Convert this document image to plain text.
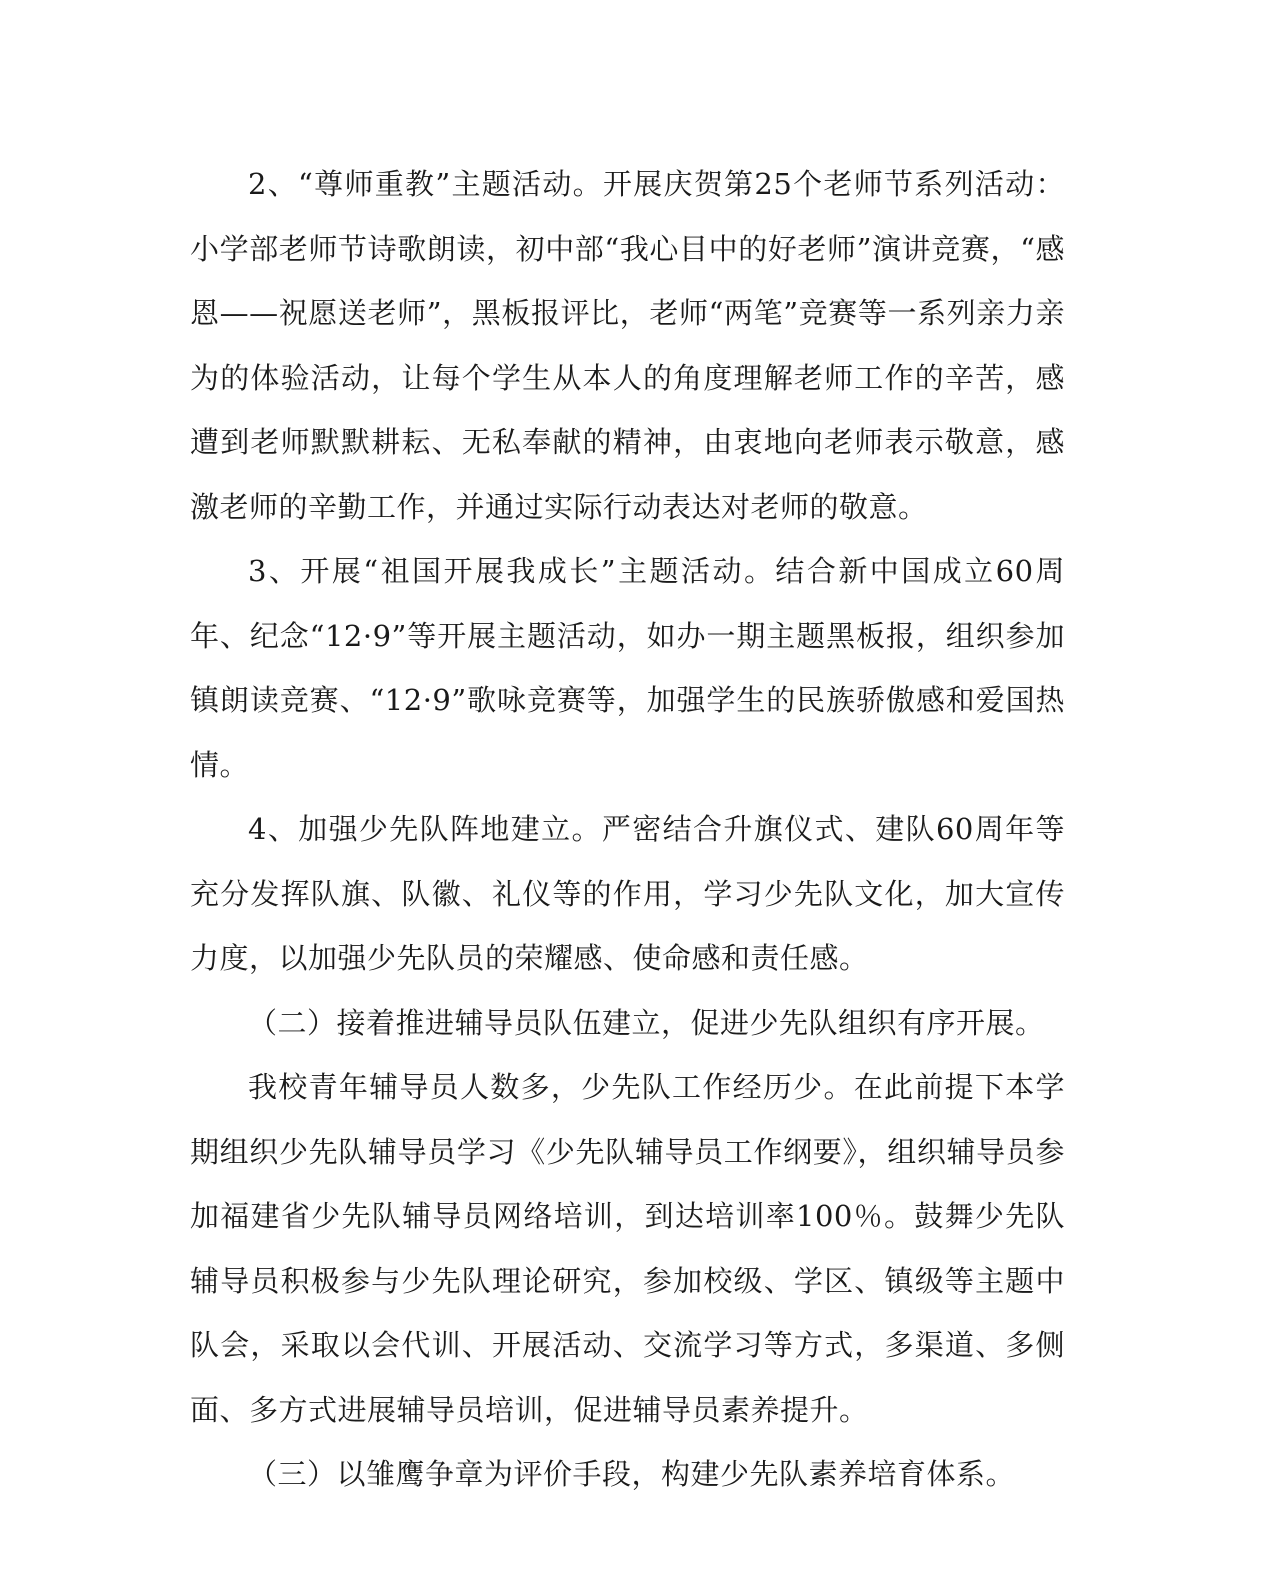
2、“尊师重教”主题活动。开展庆贺第25个老师节系列活动：小学部老师节诗歌朗读，初中部“我心目中的好老师”演讲竞赛，“感恩——祝愿送老师”，黑板报评比，老师“两笔”竞赛等一系列亲力亲为的体验活动，让每个学生从本人的角度理解老师工作的辛苦，感遭到老师默默耕耘、无私奉献的精神，由衷地向老师表示敬意，感激老师的辛勤工作，并通过实际行动表达对老师的敬意。

3、开展“祖国开展我成长”主题活动。结合新中国成立60周年、纪念“12·9”等开展主题活动，如办一期主题黑板报，组织参加镇朗读竞赛、“12·9”歌咏竞赛等，加强学生的民族骄傲感和爱国热情。

4、加强少先队阵地建立。严密结合升旗仪式、建队60周年等充分发挥队旗、队徽、礼仪等的作用，学习少先队文化，加大宣传力度，以加强少先队员的荣耀感、使命感和责任感。

（二）接着推进辅导员队伍建立，促进少先队组织有序开展。

我校青年辅导员人数多，少先队工作经历少。在此前提下本学期组织少先队辅导员学习《少先队辅导员工作纲要》，组织辅导员参加福建省少先队辅导员网络培训，到达培训率100％。鼓舞少先队辅导员积极参与少先队理论研究，参加校级、学区、镇级等主题中队会，采取以会代训、开展活动、交流学习等方式，多渠道、多侧面、多方式进展辅导员培训，促进辅导员素养提升。

（三）以雏鹰争章为评价手段，构建少先队素养培育体系。
